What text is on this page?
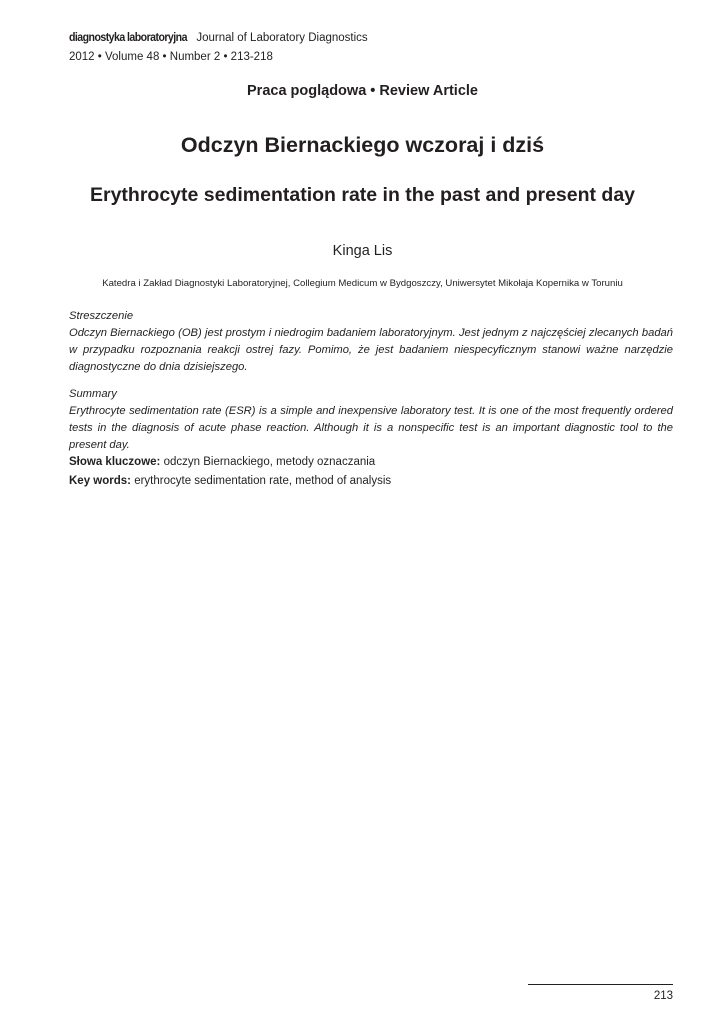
diagnostyka laboratoryjna Journal of Laboratory Diagnostics
2012 • Volume 48 • Number 2 • 213-218
Praca poglądowa • Review Article
Odczyn Biernackiego wczoraj i dziś
Erythrocyte sedimentation rate in the past and present day
Kinga Lis
Katedra i Zakład Diagnostyki Laboratoryjnej, Collegium Medicum w Bydgoszczy, Uniwersytet Mikołaja Kopernika w Toruniu
Streszczenie
Odczyn Biernackiego (OB) jest prostym i niedrogim badaniem laboratoryjnym. Jest jednym z najczęściej zlecanych badań w przypadku rozpoznania reakcji ostrej fazy. Pomimo, że jest badaniem niespecyficznym stanowi ważne narzędzie diagnostyczne do dnia dzisiejszego.
Summary
Erythrocyte sedimentation rate (ESR) is a simple and inexpensive laboratory test. It is one of the most frequently ordered tests in the diagnosis of acute phase reaction. Although it is a nonspecific test is an important diagnostic tool to the present day.
Słowa kluczowe: odczyn Biernackiego, metody oznaczania
Key words: erythrocyte sedimentation rate, method of analysis
213
